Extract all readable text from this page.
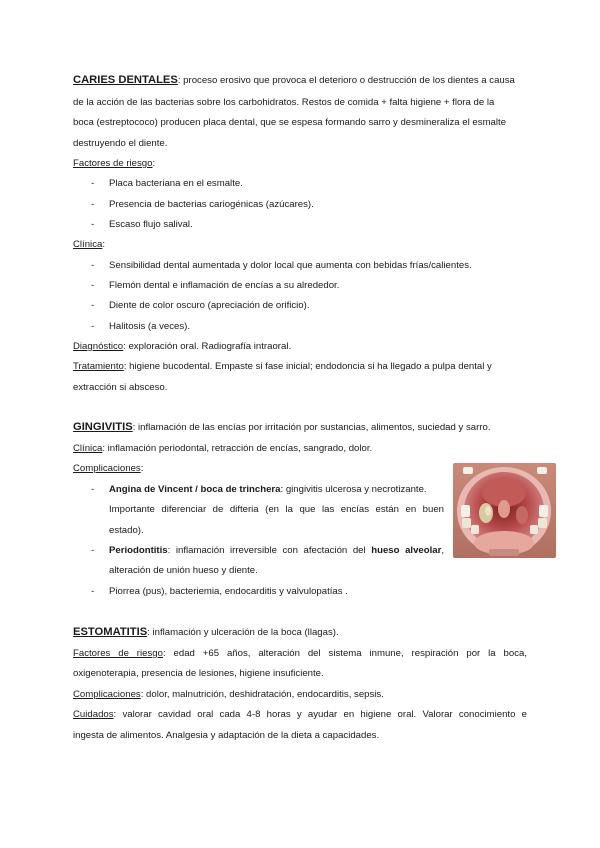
CARIES DENTALES: proceso erosivo que provoca el deterioro o destrucción de los dientes a causa
de la acción de las bacterias sobre los carbohidratos. Restos de comida + falta higiene + flora de la
boca (estreptococo) producen placa dental, que se espesa formando sarro y desmineraliza el esmalte
destruyendo el diente.
Factores de riesgo:
- Placa bacteriana en el esmalte.
- Presencia de bacterias cariogénicas (azúcares).
- Escaso flujo salival.
Clínica:
- Sensibilidad dental aumentada y dolor local que aumenta con bebidas frías/calientes.
- Flemón dental e inflamación de encías a su alrededor.
- Diente de color oscuro (apreciación de orificio).
- Halitosis (a veces).
Diagnóstico: exploración oral. Radiografía intraoral.
Tratamiento: higiene bucodental. Empaste si fase inicial; endodoncia si ha llegado a pulpa dental y
extracción si absceso.
GINGIVITIS: inflamación de las encías por irritación por sustancias, alimentos, suciedad y sarro.
Clínica: inflamación periodontal, retracción de encías, sangrado, dolor.
Complicaciones:
- Angina de Vincent / boca de trinchera: gingivitis ulcerosa y necrotizante.
Importante diferenciar de difteria (en la que las encías están en buen
estado).
- Periodontitis: inflamación irreversible con afectación del hueso alveolar,
alteración de unión hueso y diente.
- Piorrea (pus), bacteriemia, endocarditis y valvulopatías .
ESTOMATITIS: inflamación y ulceración de la boca (llagas).
Factores de riesgo: edad +65 años, alteración del sistema inmune, respiración por la boca,
oxigenoterapia, presencia de lesiones, higiene insuficiente.
Complicaciones: dolor, malnutrición, deshidratación, endocarditis, sepsis.
Cuidados: valorar cavidad oral cada 4-8 horas y ayudar en higiene oral. Valorar conocimiento e
ingesta de alimentos. Analgesia y adaptación de la dieta a capacidades.
